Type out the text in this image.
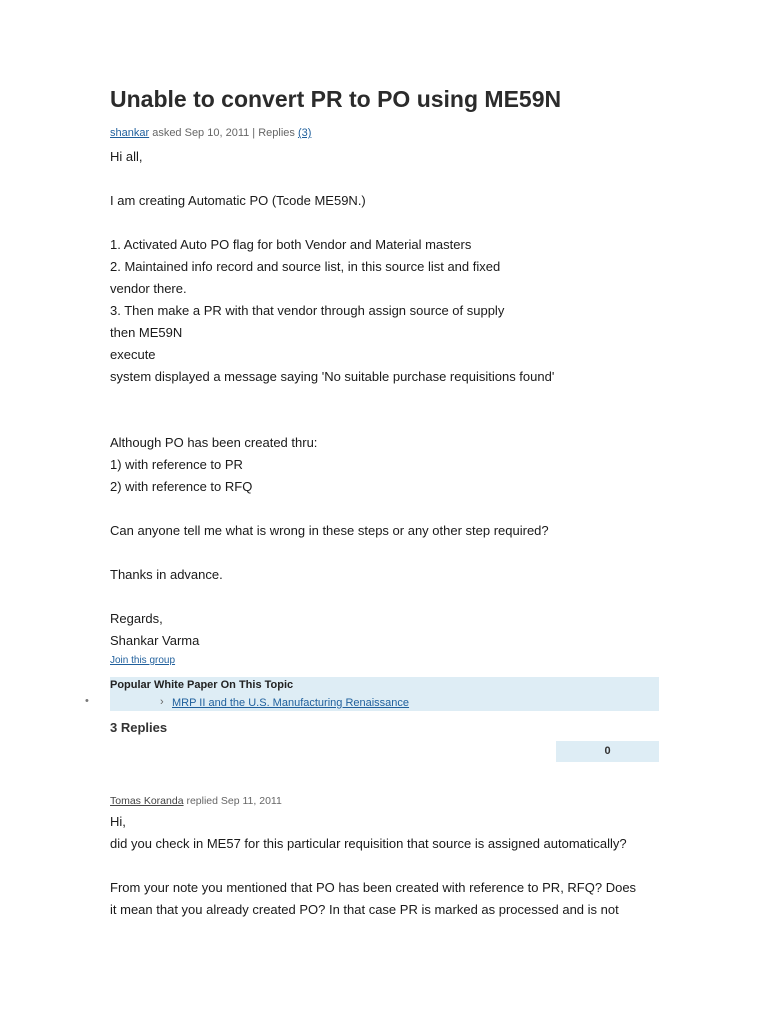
Unable to convert PR to PO using ME59N
shankar asked Sep 10, 2011 | Replies (3)
Hi all,
I am creating Automatic PO (Tcode ME59N.)
1. Activated Auto PO flag for both Vendor and Material masters
2. Maintained info record and source list, in this source list and fixed
vendor there.
3. Then make a PR with that vendor through assign source of supply
then ME59N
execute
system displayed a message saying 'No suitable purchase requisitions found'
Although PO has been created thru:
1) with reference to PR
2) with reference to RFQ
Can anyone tell me what is wrong in these steps or any other step required?
Thanks in advance.
Regards,
Shankar Varma
Join this group
Popular White Paper On This Topic
•	› MRP II and the U.S. Manufacturing Renaissance
3 Replies
0
Tomas Koranda replied Sep 11, 2011
Hi,
did you check in ME57 for this particular requisition that source is assigned automatically?
From your note you mentioned that PO has been created with reference to PR, RFQ? Does
it mean that you already created PO? In that case PR is marked as processed and is not
